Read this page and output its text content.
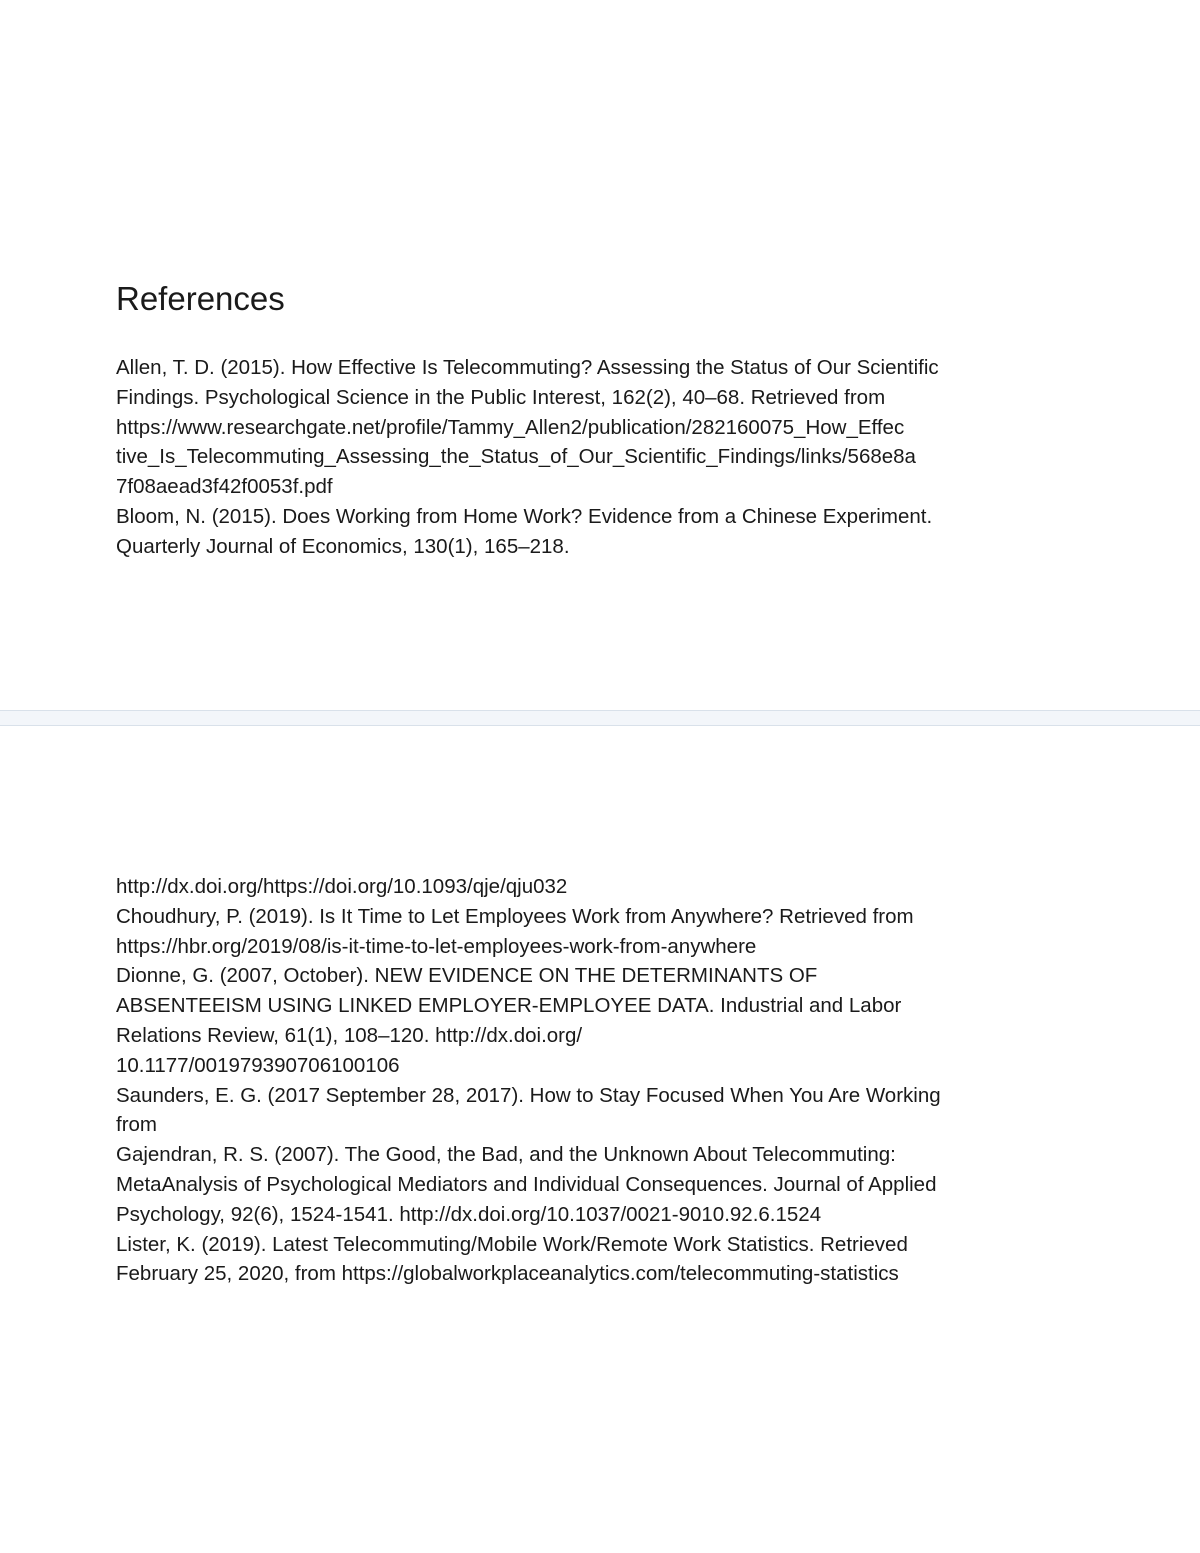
References
Allen, T. D. (2015). How Effective Is Telecommuting? Assessing the Status of Our Scientific
Findings. Psychological Science in the Public Interest, 162(2), 40–68. Retrieved from
https://www.researchgate.net/profile/Tammy_Allen2/publication/282160075_How_Effec
tive_Is_Telecommuting_Assessing_the_Status_of_Our_Scientific_Findings/links/568e8a
7f08aead3f42f0053f.pdf
Bloom, N. (2015). Does Working from Home Work? Evidence from a Chinese Experiment.
Quarterly Journal of Economics, 130(1), 165–218.
http://dx.doi.org/https://doi.org/10.1093/qje/qju032
Choudhury, P. (2019). Is It Time to Let Employees Work from Anywhere? Retrieved from
https://hbr.org/2019/08/is-it-time-to-let-employees-work-from-anywhere
Dionne, G. (2007, October). NEW EVIDENCE ON THE DETERMINANTS OF
ABSENTEEISM USING LINKED EMPLOYER-EMPLOYEE DATA. Industrial and Labor
Relations Review, 61(1), 108–120. http://dx.doi.org/
10.1177/001979390706100106
Saunders, E. G. (2017 September 28, 2017). How to Stay Focused When You Are Working
from
Gajendran, R. S. (2007). The Good, the Bad, and the Unknown About Telecommuting:
MetaAnalysis of Psychological Mediators and Individual Consequences. Journal of Applied
Psychology, 92(6), 1524-1541. http://dx.doi.org/10.1037/0021-9010.92.6.1524
Lister, K. (2019). Latest Telecommuting/Mobile Work/Remote Work Statistics. Retrieved
February 25, 2020, from https://globalworkplaceanalytics.com/telecommuting-statistics
